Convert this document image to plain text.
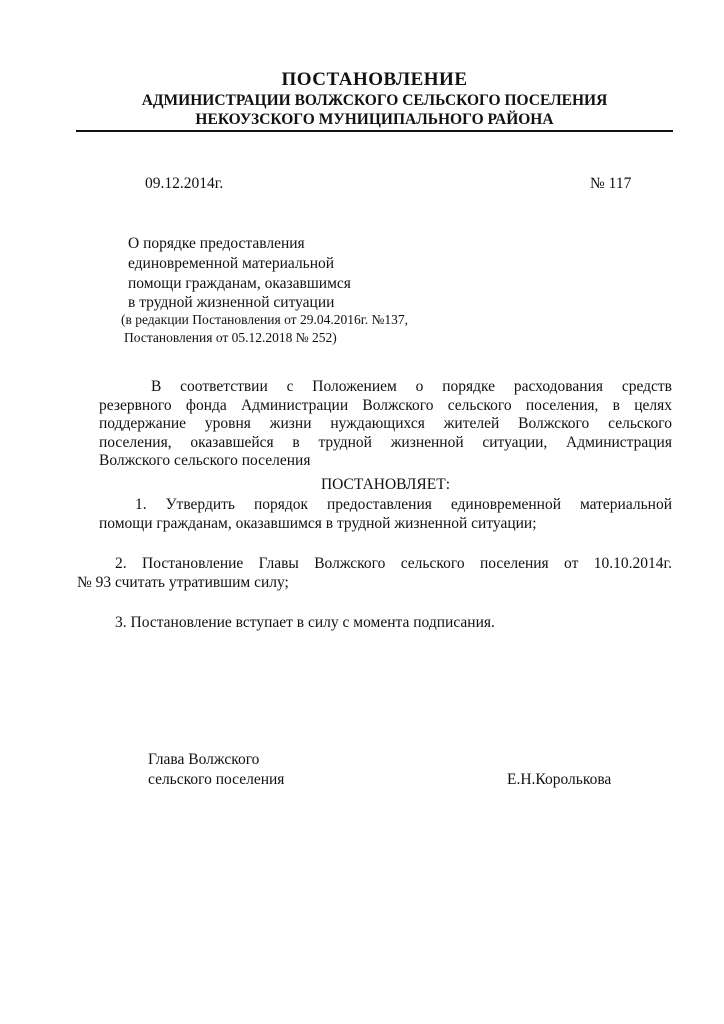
ПОСТАНОВЛЕНИЕ
АДМИНИСТРАЦИИ ВОЛЖСКОГО СЕЛЬСКОГО ПОСЕЛЕНИЯ
НЕКОУЗСКОГО МУНИЦИПАЛЬНОГО РАЙОНА
09.12.2014г.	№ 117
О порядке предоставления
единовременной материальной
помощи гражданам, оказавшимся
в трудной жизненной ситуации
(в редакции Постановления от 29.04.2016г. №137,
Постановления от 05.12.2018 № 252)
В соответствии с Положением о порядке расходования средств
резервного фонда Администрации Волжского сельского поселения, в целях
поддержание уровня жизни нуждающихся жителей Волжского сельского
поселения, оказавшейся в трудной жизненной ситуации, Администрация
Волжского сельского поселения
ПОСТАНОВЛЯЕТ:
1. Утвердить порядок предоставления единовременной материальной
помощи гражданам, оказавшимся в трудной жизненной ситуации;
2. Постановление Главы Волжского сельского поселения от 10.10.2014г.
№ 93 считать утратившим силу;
3. Постановление вступает в силу с момента подписания.
Глава Волжского
сельского поселения	Е.Н.Королькова
